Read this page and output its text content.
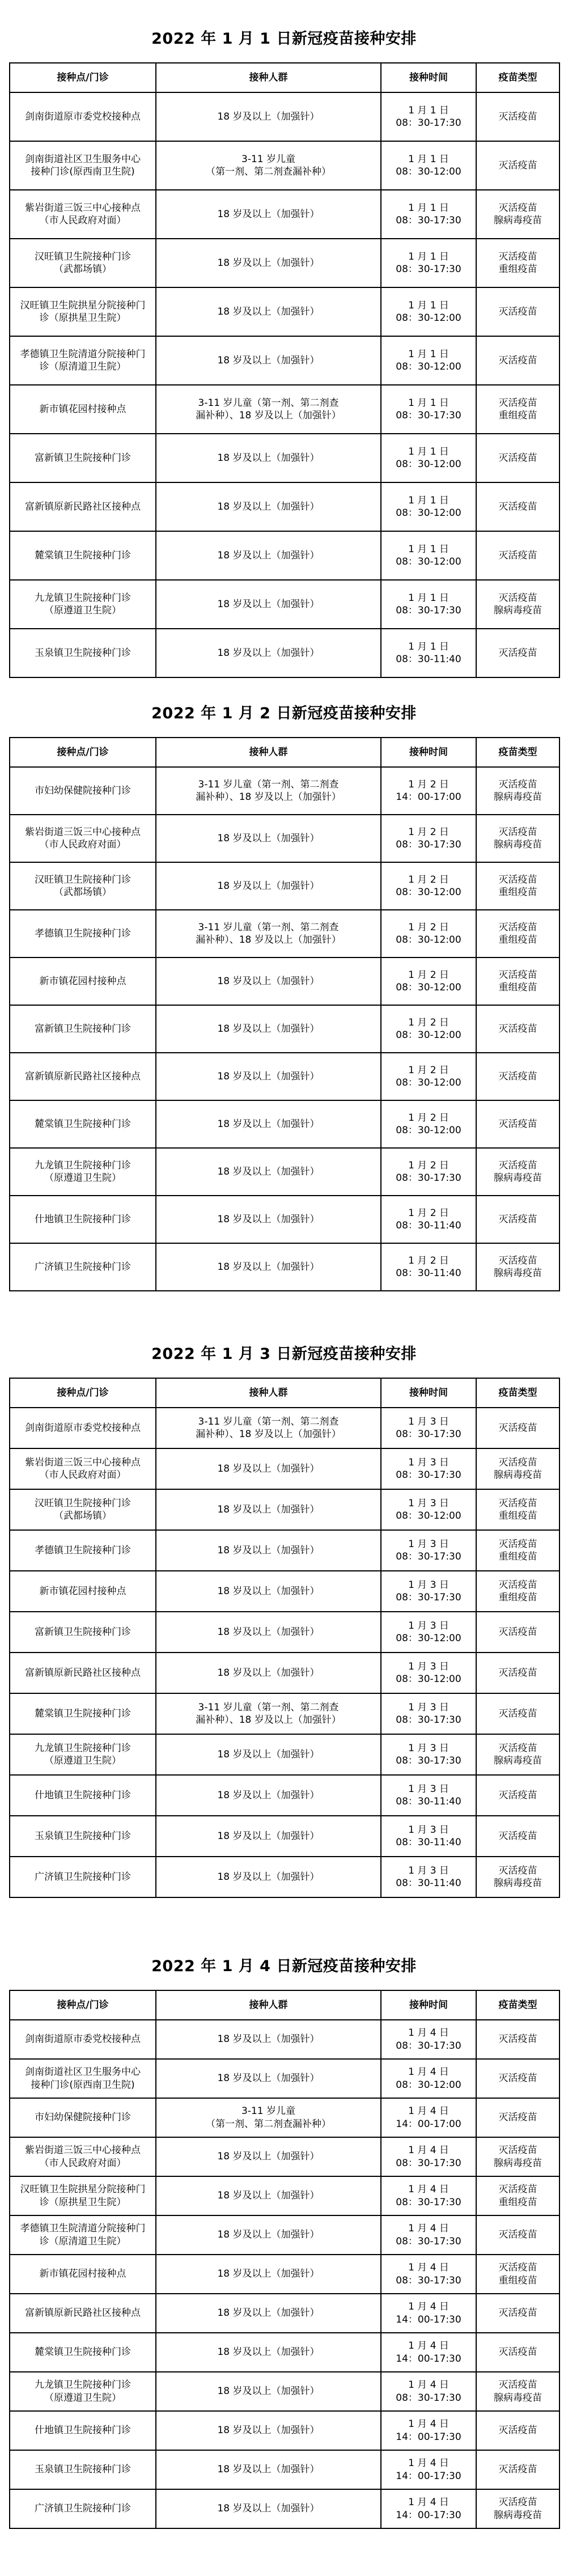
2022 年 1 月 1 日新冠疫苗接种安排
接种点/门诊	接种人群	接种时间	疫苗类型

剑南街道原市委党校接种点	18 岁及以上（加强针）	1 月 1 日
08：30-17:30	灭活疫苗

剑南街道社区卫生服务中心
接种门诊(原西南卫生院)	3-11 岁儿童
（第一剂、第二剂查漏补种）	1 月 1 日
08：30-12:00	灭活疫苗

紫岩街道三饭三中心接种点
（市人民政府对面）	18 岁及以上（加强针）	1 月 1 日
08：30-17:30	灭活疫苗
腺病毒疫苗

汉旺镇卫生院接种门诊
（武都场镇）	18 岁及以上（加强针）	1 月 1 日
08：30-17:30	灭活疫苗
重组疫苗

汉旺镇卫生院拱星分院接种门
诊（原拱星卫生院）	18 岁及以上（加强针）	1 月 1 日
08：30-12:00	灭活疫苗

孝德镇卫生院清道分院接种门
诊（原清道卫生院）	18 岁及以上（加强针）	1 月 1 日
08：30-12:00	灭活疫苗

新市镇花园村接种点	3-11 岁儿童（第一剂、第二剂查
漏补种）、18 岁及以上（加强针）	1 月 1 日
08：30-17:30	灭活疫苗
重组疫苗

富新镇卫生院接种门诊	18 岁及以上（加强针）	1 月 1 日
08：30-12:00	灭活疫苗

富新镇原新民路社区接种点	18 岁及以上（加强针）	1 月 1 日
08：30-12:00	灭活疫苗

麓棠镇卫生院接种门诊	18 岁及以上（加强针）	1 月 1 日
08：30-12:00	灭活疫苗

九龙镇卫生院接种门诊
（原遵道卫生院）	18 岁及以上（加强针）	1 月 1 日
08：30-17:30	灭活疫苗
腺病毒疫苗

玉泉镇卫生院接种门诊	18 岁及以上（加强针）	1 月 1 日
08：30-11:40	灭活疫苗
2022 年 1 月 2 日新冠疫苗接种安排
接种点/门诊	接种人群	接种时间	疫苗类型

市妇幼保健院接种门诊	3-11 岁儿童（第一剂、第二剂查
漏补种）、18 岁及以上（加强针）	1 月 2 日
14：00-17:00	灭活疫苗
腺病毒疫苗

紫岩街道三饭三中心接种点
（市人民政府对面）	18 岁及以上（加强针）	1 月 2 日
08：30-17:30	灭活疫苗
腺病毒疫苗

汉旺镇卫生院接种门诊
（武都场镇）	18 岁及以上（加强针）	1 月 2 日
08：30-12:00	灭活疫苗
重组疫苗

孝德镇卫生院接种门诊	3-11 岁儿童（第一剂、第二剂查
漏补种）、18 岁及以上（加强针）	1 月 2 日
08：30-12:00	灭活疫苗
重组疫苗

新市镇花园村接种点	18 岁及以上（加强针）	1 月 2 日
08：30-12:00	灭活疫苗
重组疫苗

富新镇卫生院接种门诊	18 岁及以上（加强针）	1 月 2 日
08：30-12:00	灭活疫苗

富新镇原新民路社区接种点	18 岁及以上（加强针）	1 月 2 日
08：30-12:00	灭活疫苗

麓棠镇卫生院接种门诊	18 岁及以上（加强针）	1 月 2 日
08：30-12:00	灭活疫苗

九龙镇卫生院接种门诊
（原遵道卫生院）	18 岁及以上（加强针）	1 月 2 日
08：30-17:30	灭活疫苗
腺病毒疫苗

什地镇卫生院接种门诊	18 岁及以上（加强针）	1 月 2 日
08：30-11:40	灭活疫苗

广济镇卫生院接种门诊	18 岁及以上（加强针）	1 月 2 日
08：30-11:40	灭活疫苗
腺病毒疫苗
2022 年 1 月 3 日新冠疫苗接种安排
接种点/门诊	接种人群	接种时间	疫苗类型

剑南街道原市委党校接种点	3-11 岁儿童（第一剂、第二剂查
漏补种）、18 岁及以上（加强针）	1 月 3 日
08：30-17:30	灭活疫苗

紫岩街道三饭三中心接种点
（市人民政府对面）	18 岁及以上（加强针）	1 月 3 日
08：30-17:30	灭活疫苗
腺病毒疫苗

汉旺镇卫生院接种门诊
（武都场镇）	18 岁及以上（加强针）	1 月 3 日
08：30-12:00	灭活疫苗
重组疫苗

孝德镇卫生院接种门诊	18 岁及以上（加强针）	1 月 3 日
08：30-17:30	灭活疫苗
重组疫苗

新市镇花园村接种点	18 岁及以上（加强针）	1 月 3 日
08：30-17:30	灭活疫苗
重组疫苗

富新镇卫生院接种门诊	18 岁及以上（加强针）	1 月 3 日
08：30-12:00	灭活疫苗

富新镇原新民路社区接种点	18 岁及以上（加强针）	1 月 3 日
08：30-12:00	灭活疫苗

麓棠镇卫生院接种门诊	3-11 岁儿童（第一剂、第二剂查
漏补种）、18 岁及以上（加强针）	1 月 3 日
08：30-17:30	灭活疫苗

九龙镇卫生院接种门诊
（原遵道卫生院）	18 岁及以上（加强针）	1 月 3 日
08：30-17:30	灭活疫苗
腺病毒疫苗

什地镇卫生院接种门诊	18 岁及以上（加强针）	1 月 3 日
08：30-11:40	灭活疫苗

玉泉镇卫生院接种门诊	18 岁及以上（加强针）	1 月 3 日
08：30-11:40	灭活疫苗

广济镇卫生院接种门诊	18 岁及以上（加强针）	1 月 3 日
08：30-11:40	灭活疫苗
腺病毒疫苗
2022 年 1 月 4 日新冠疫苗接种安排
接种点/门诊	接种人群	接种时间	疫苗类型

剑南街道原市委党校接种点	18 岁及以上（加强针）	1 月 4 日
08：30-17:30	灭活疫苗

剑南街道社区卫生服务中心
接种门诊(原西南卫生院)	18 岁及以上（加强针）	1 月 4 日
08：30-12:00	灭活疫苗

市妇幼保健院接种门诊	3-11 岁儿童
（第一剂、第二剂查漏补种）	1 月 4 日
14：00-17:00	灭活疫苗

紫岩街道三饭三中心接种点
（市人民政府对面）	18 岁及以上（加强针）	1 月 4 日
08：30-17:30	灭活疫苗
腺病毒疫苗

汉旺镇卫生院拱星分院接种门
诊（原拱星卫生院）	18 岁及以上（加强针）	1 月 4 日
08：30-17:30	灭活疫苗
重组疫苗

孝德镇卫生院清道分院接种门
诊（原清道卫生院）	18 岁及以上（加强针）	1 月 4 日
08：30-17:30	灭活疫苗

新市镇花园村接种点	18 岁及以上（加强针）	1 月 4 日
08：30-17:30	灭活疫苗
重组疫苗

富新镇原新民路社区接种点	18 岁及以上（加强针）	1 月 4 日
14：00-17:30	灭活疫苗

麓棠镇卫生院接种门诊	18 岁及以上（加强针）	1 月 4 日
14：00-17:30	灭活疫苗

九龙镇卫生院接种门诊
（原遵道卫生院）	18 岁及以上（加强针）	1 月 4 日
08：30-17:30	灭活疫苗
腺病毒疫苗

什地镇卫生院接种门诊	18 岁及以上（加强针）	1 月 4 日
14：00-17:30	灭活疫苗

玉泉镇卫生院接种门诊	18 岁及以上（加强针）	1 月 4 日
14：00-17:30	灭活疫苗

广济镇卫生院接种门诊	18 岁及以上（加强针）	1 月 4 日
14：00-17:30	灭活疫苗
腺病毒疫苗
